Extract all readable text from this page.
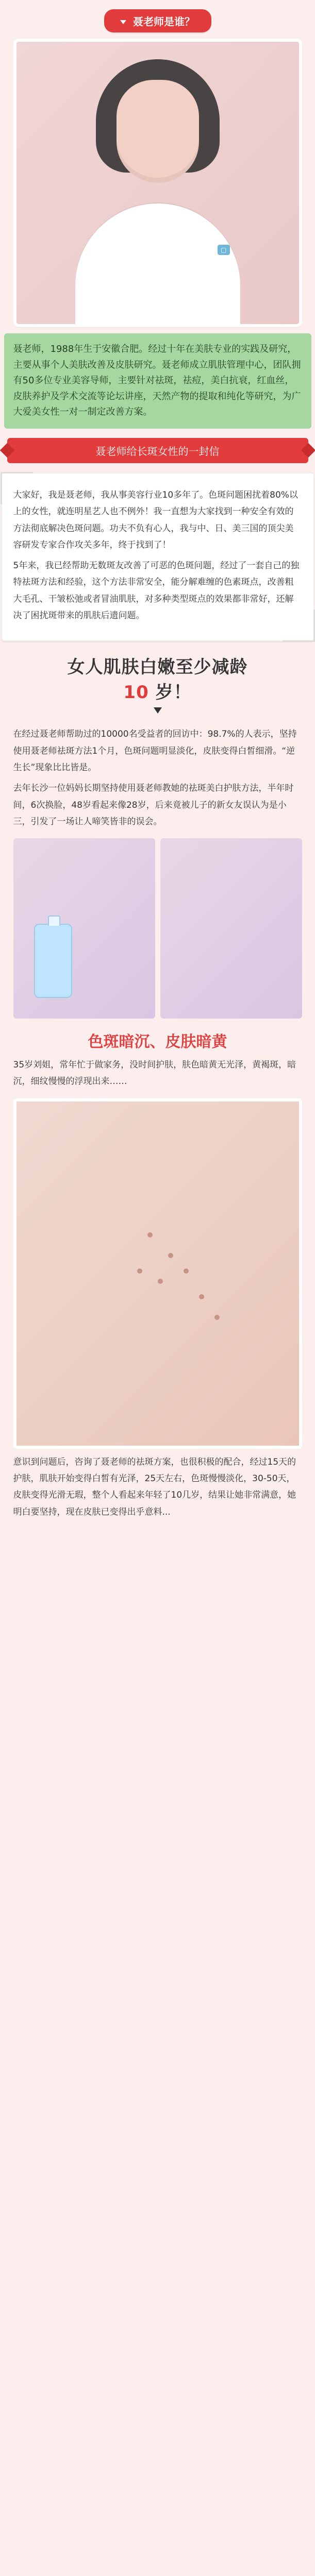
聂老师是谁？
▢
聂老师，1988年生于安徽合肥。经过十年在美肤专业的实践及研究，主要从事个人美肤改善及皮肤研究。聂老师成立肌肤管理中心，团队拥有50多位专业美容导师，主要针对祛斑，祛痘，美白抗衰，红血丝，皮肤养护及学术交流等论坛讲座，天然产物的提取和纯化等研究，为广大爱美女性一对一制定改善方案。
聂老师给长斑女性的一封信
大家好，我是聂老师，我从事美容行业10多年了。色斑问题困扰着80%以上的女性，就连明星艺人也不例外！我一直想为大家找到一种安全有效的方法彻底解决色斑问题。功夫不负有心人，我与中、日、美三国的顶尖美容研发专家合作攻关多年，终于找到了！
5年来，我已经帮助无数斑友改善了可恶的色斑问题，经过了一套自己的独特祛斑方法和经验，这个方法非常安全，能分解难缠的色素斑点，改善粗大毛孔、干皱松弛或者冒油肌肤，对多种类型斑点的效果都非常好，还解决了困扰斑带来的肌肤后遗问题。
女人肌肤白嫩至少减龄
10 岁！
在经过聂老师帮助过的10000名受益者的回访中：98.7%的人表示，坚持使用聂老师祛斑方法1个月，色斑问题明显淡化，皮肤变得白皙细滑。“逆生长”现象比比皆是。
去年长沙一位妈妈长期坚持使用聂老师教她的祛斑美白护肤方法，半年时间，6次换脸，48岁看起来像28岁，后来竟被儿子的新女友误认为是小三，引发了一场让人啼笑皆非的误会。
色斑暗沉、皮肤暗黄
35岁刘姐，常年忙于做家务，没时间护肤，肤色暗黄无光泽，黄褐斑，暗沉，细纹慢慢的浮现出来……
意识到问题后，咨询了聂老师的祛斑方案，也很积极的配合，经过15天的护肤，肌肤开始变得白皙有光泽，25天左右，色斑慢慢淡化，30-50天，皮肤变得光滑无瑕，整个人看起来年轻了10几岁，结果让她非常满意，她明白要坚持，现在皮肤已变得出乎意料...
